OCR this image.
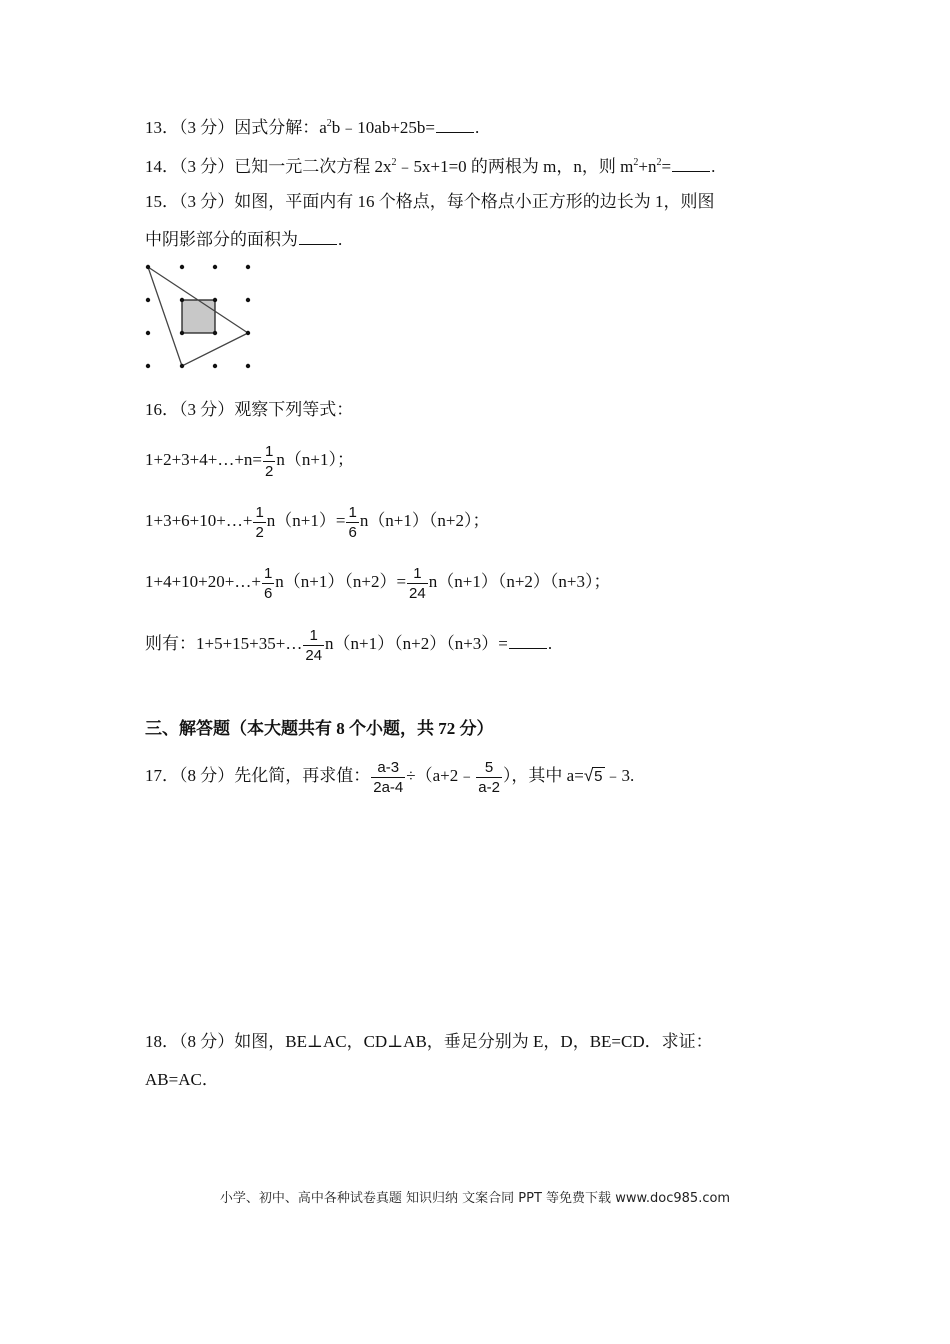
13．（3 分）因式分解：$a^2b﹣10ab+25b=$ .
14．（3 分）已知一元二次方程 $2x^2﹣5x+1=0$ 的两根为 m，n，则 $m^2+n^2=$ .
15．（3 分）如图，平面内有 16 个格点，每个格点小正方形的边长为 1，则图
中阴影部分的面积为 .
16．（3 分）观察下列等式：
1+2+3+4+…+n= $\frac{1}{2} n(n+1)$；
1+3+6+10+…+ $\frac{1}{2} n(n+1)= \frac{1}{6} n(n+1)(n+2)$；
1+4+10+20+…+ $\frac{1}{6} n(n+1)(n+2)= \frac{1}{24} n(n+1)(n+2)(n+3)$；
则有：1+5+15+35+… $\frac{1}{24} n(n+1)(n+2)(n+3)=$ .
三、解答题（本大题共有 8 个小题，共 72 分）
17．（8 分）先化简，再求值： $\frac{a-3}{2a-4}$ ÷（a+2﹣ $\frac{5}{a-2}$ ），其中 a=√5 ﹣3.
18．（8 分）如图，BE⊥AC，CD⊥AB，垂足分别为 E，D，BE=CD．求证：
AB=AC．
小学、初中、高中各种试卷真题 知识归纳 文案合同 PPT 等免费下载 www.doc985.com
